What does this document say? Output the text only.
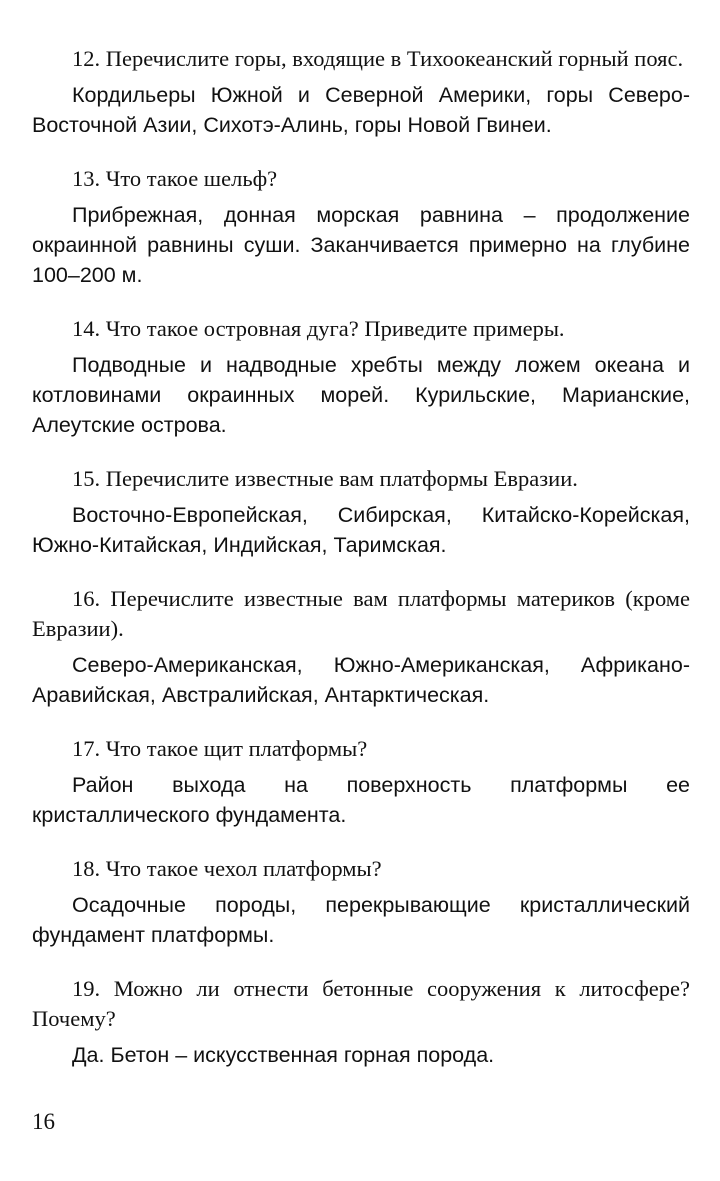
12. Перечислите горы, входящие в Тихоокеанский горный пояс.

Кордильеры Южной и Северной Америки, горы Северо-Восточной Азии, Сихотэ-Алинь, горы Новой Гвинеи.

13. Что такое шельф?

Прибрежная, донная морская равнина – продолжение окраинной равнины суши. Заканчивается примерно на глубине 100–200 м.

14. Что такое островная дуга? Приведите примеры.

Подводные и надводные хребты между ложем океана и котловинами окраинных морей. Курильские, Марианские, Алеутские острова.

15. Перечислите известные вам платформы Евразии.

Восточно-Европейская, Сибирская, Китайско-Корейская, Южно-Китайская, Индийская, Таримская.

16. Перечислите известные вам платформы материков (кроме Евразии).

Северо-Американская, Южно-Американская, Африкано-Аравийская, Австралийская, Антарктическая.

17. Что такое щит платформы?

Район выхода на поверхность платформы ее кристаллического фундамента.

18. Что такое чехол платформы?

Осадочные породы, перекрывающие кристаллический фундамент платформы.

19. Можно ли отнести бетонные сооружения к литосфере? Почему?

Да. Бетон – искусственная горная порода.

16
